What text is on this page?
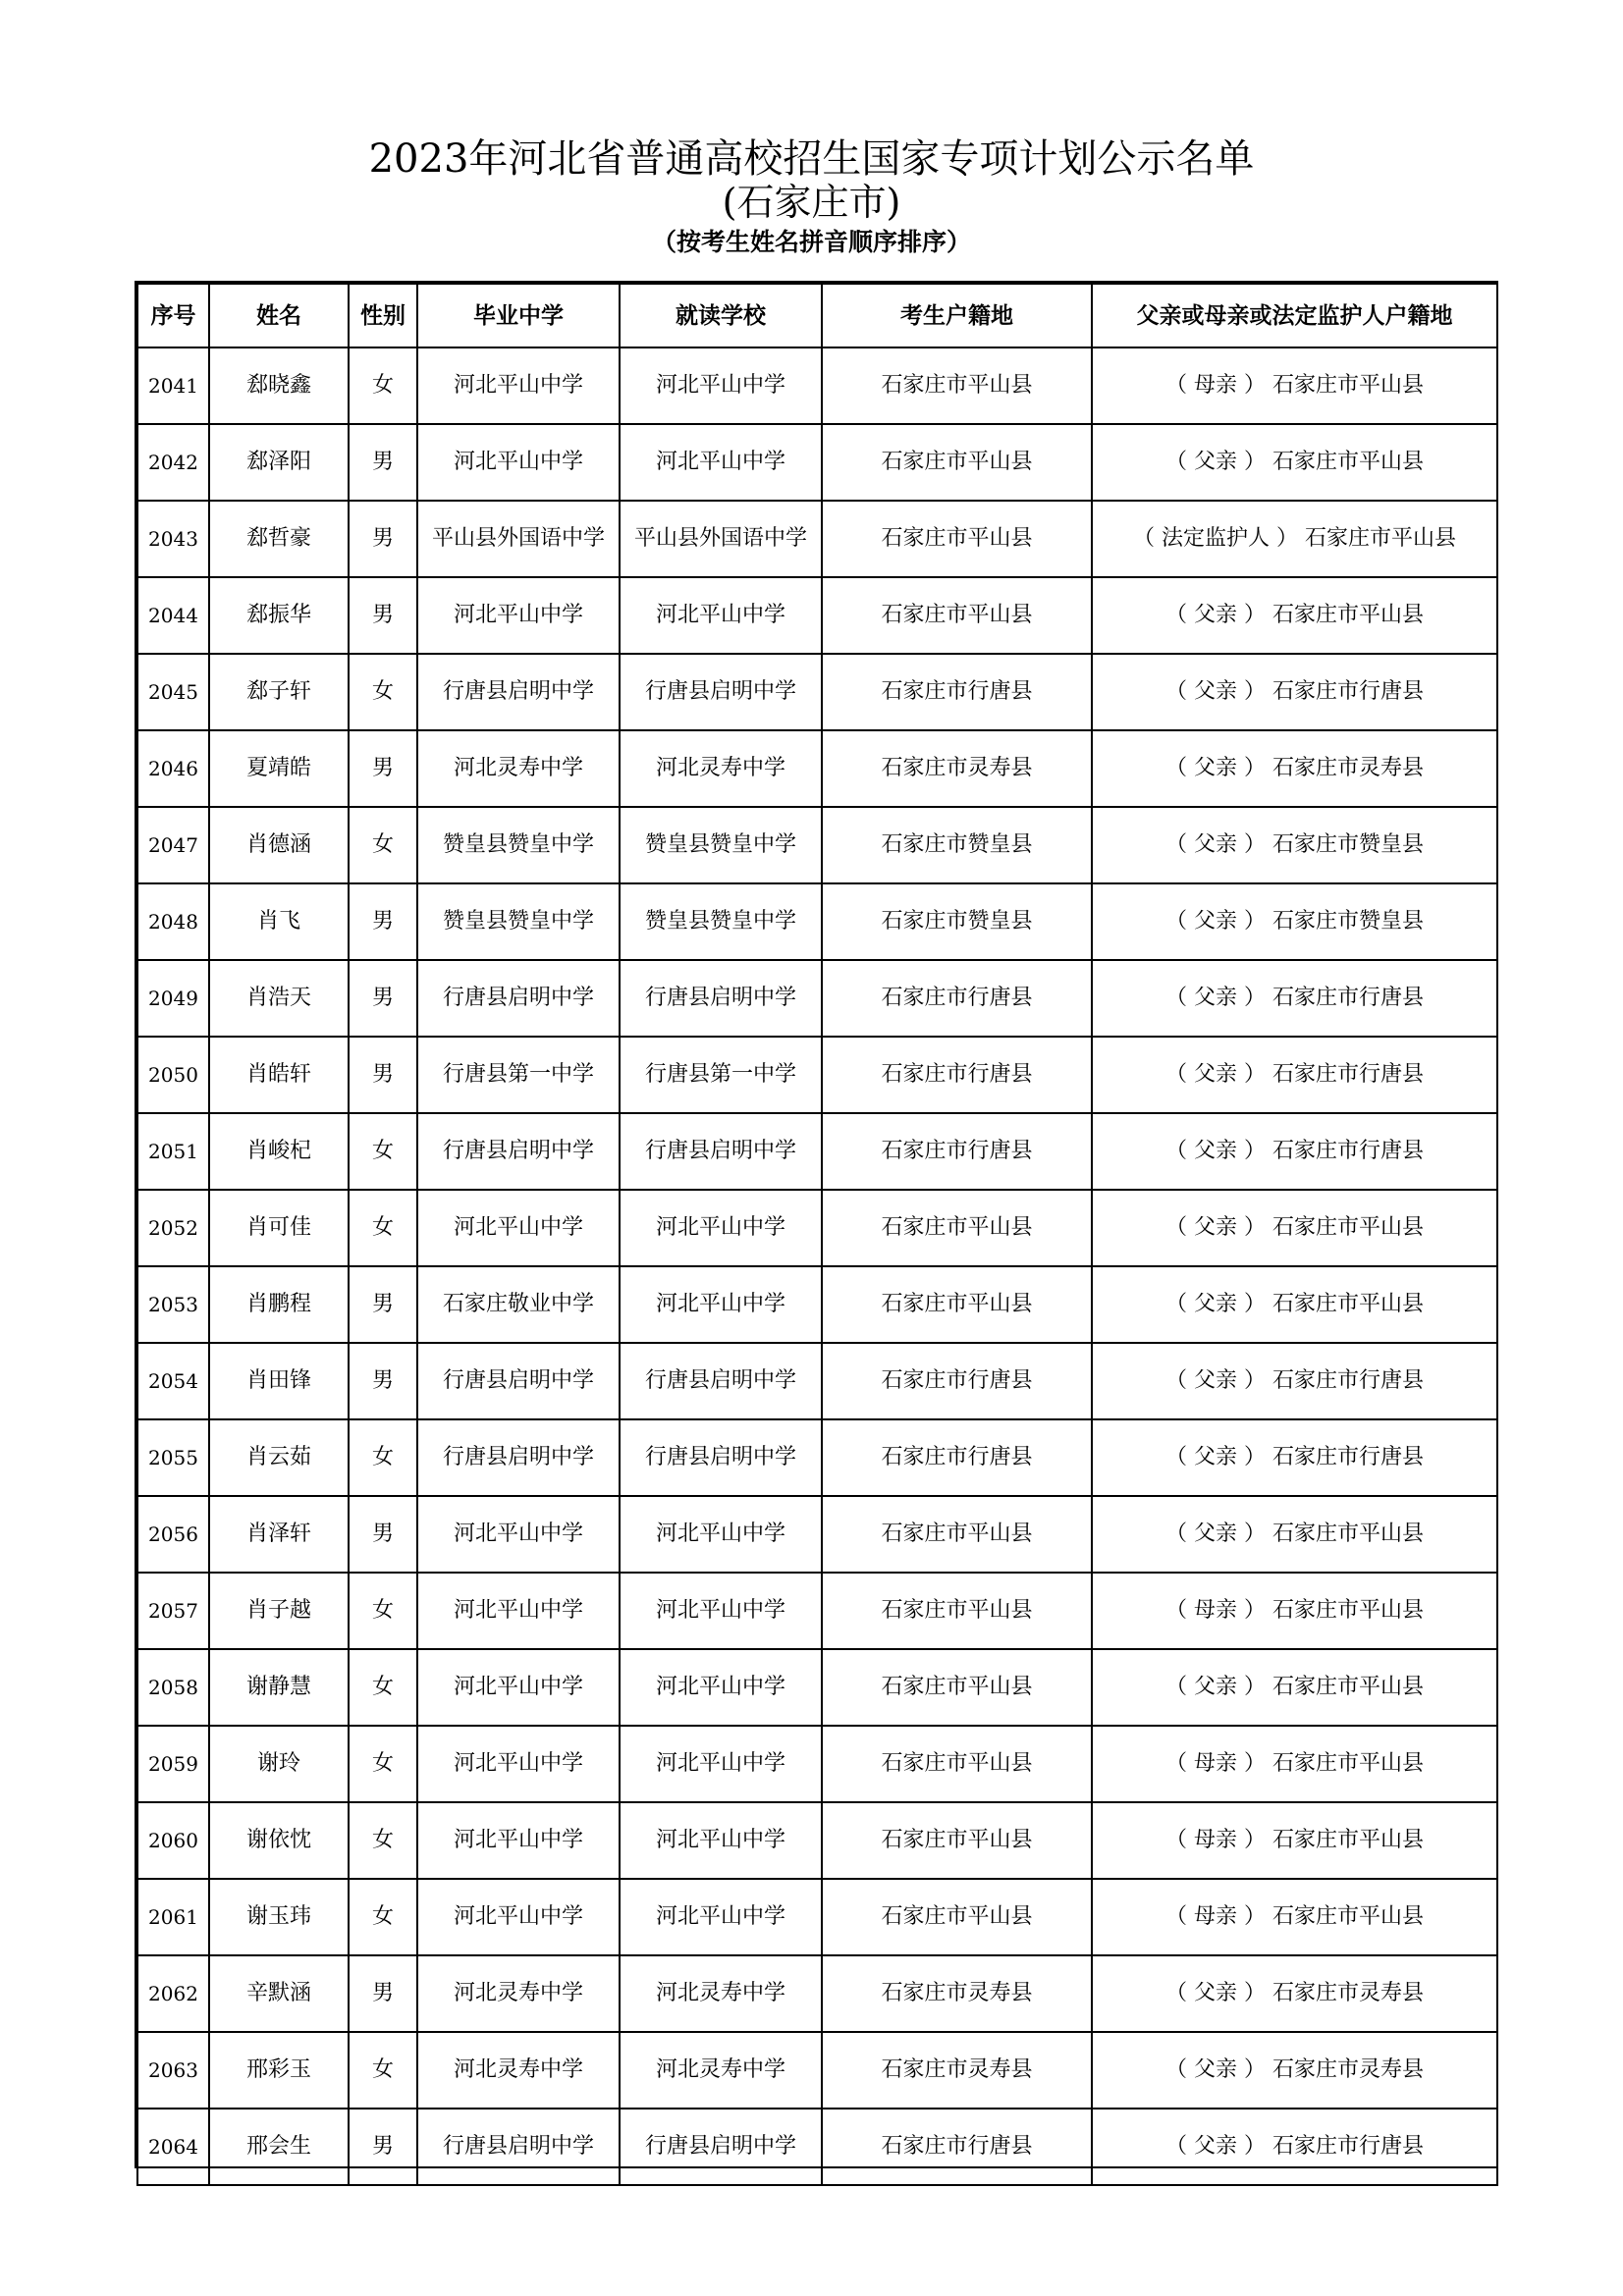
2023年河北省普通高校招生国家专项计划公示名单
(石家庄市)
（按考生姓名拼音顺序排序）
序号	姓名	性别	毕业中学	就读学校	考生户籍地	父亲或母亲或法定监护人户籍地
2041	郄晓鑫	女	河北平山中学	河北平山中学	石家庄市平山县	（ 母亲 ） 石家庄市平山县
2042	郄泽阳	男	河北平山中学	河北平山中学	石家庄市平山县	（ 父亲 ） 石家庄市平山县
2043	郄哲豪	男	平山县外国语中学	平山县外国语中学	石家庄市平山县	（ 法定监护人 ） 石家庄市平山县
2044	郄振华	男	河北平山中学	河北平山中学	石家庄市平山县	（ 父亲 ） 石家庄市平山县
2045	郄子轩	女	行唐县启明中学	行唐县启明中学	石家庄市行唐县	（ 父亲 ） 石家庄市行唐县
2046	夏靖皓	男	河北灵寿中学	河北灵寿中学	石家庄市灵寿县	（ 父亲 ） 石家庄市灵寿县
2047	肖德涵	女	赞皇县赞皇中学	赞皇县赞皇中学	石家庄市赞皇县	（ 父亲 ） 石家庄市赞皇县
2048	肖飞	男	赞皇县赞皇中学	赞皇县赞皇中学	石家庄市赞皇县	（ 父亲 ） 石家庄市赞皇县
2049	肖浩天	男	行唐县启明中学	行唐县启明中学	石家庄市行唐县	（ 父亲 ） 石家庄市行唐县
2050	肖皓轩	男	行唐县第一中学	行唐县第一中学	石家庄市行唐县	（ 父亲 ） 石家庄市行唐县
2051	肖峻杞	女	行唐县启明中学	行唐县启明中学	石家庄市行唐县	（ 父亲 ） 石家庄市行唐县
2052	肖可佳	女	河北平山中学	河北平山中学	石家庄市平山县	（ 父亲 ） 石家庄市平山县
2053	肖鹏程	男	石家庄敬业中学	河北平山中学	石家庄市平山县	（ 父亲 ） 石家庄市平山县
2054	肖田锋	男	行唐县启明中学	行唐县启明中学	石家庄市行唐县	（ 父亲 ） 石家庄市行唐县
2055	肖云茹	女	行唐县启明中学	行唐县启明中学	石家庄市行唐县	（ 父亲 ） 石家庄市行唐县
2056	肖泽轩	男	河北平山中学	河北平山中学	石家庄市平山县	（ 父亲 ） 石家庄市平山县
2057	肖子越	女	河北平山中学	河北平山中学	石家庄市平山县	（ 母亲 ） 石家庄市平山县
2058	谢静慧	女	河北平山中学	河北平山中学	石家庄市平山县	（ 父亲 ） 石家庄市平山县
2059	谢玲	女	河北平山中学	河北平山中学	石家庄市平山县	（ 母亲 ） 石家庄市平山县
2060	谢依忱	女	河北平山中学	河北平山中学	石家庄市平山县	（ 母亲 ） 石家庄市平山县
2061	谢玉玮	女	河北平山中学	河北平山中学	石家庄市平山县	（ 母亲 ） 石家庄市平山县
2062	辛默涵	男	河北灵寿中学	河北灵寿中学	石家庄市灵寿县	（ 父亲 ） 石家庄市灵寿县
2063	邢彩玉	女	河北灵寿中学	河北灵寿中学	石家庄市灵寿县	（ 父亲 ） 石家庄市灵寿县
2064	邢会生	男	行唐县启明中学	行唐县启明中学	石家庄市行唐县	（ 父亲 ） 石家庄市行唐县
